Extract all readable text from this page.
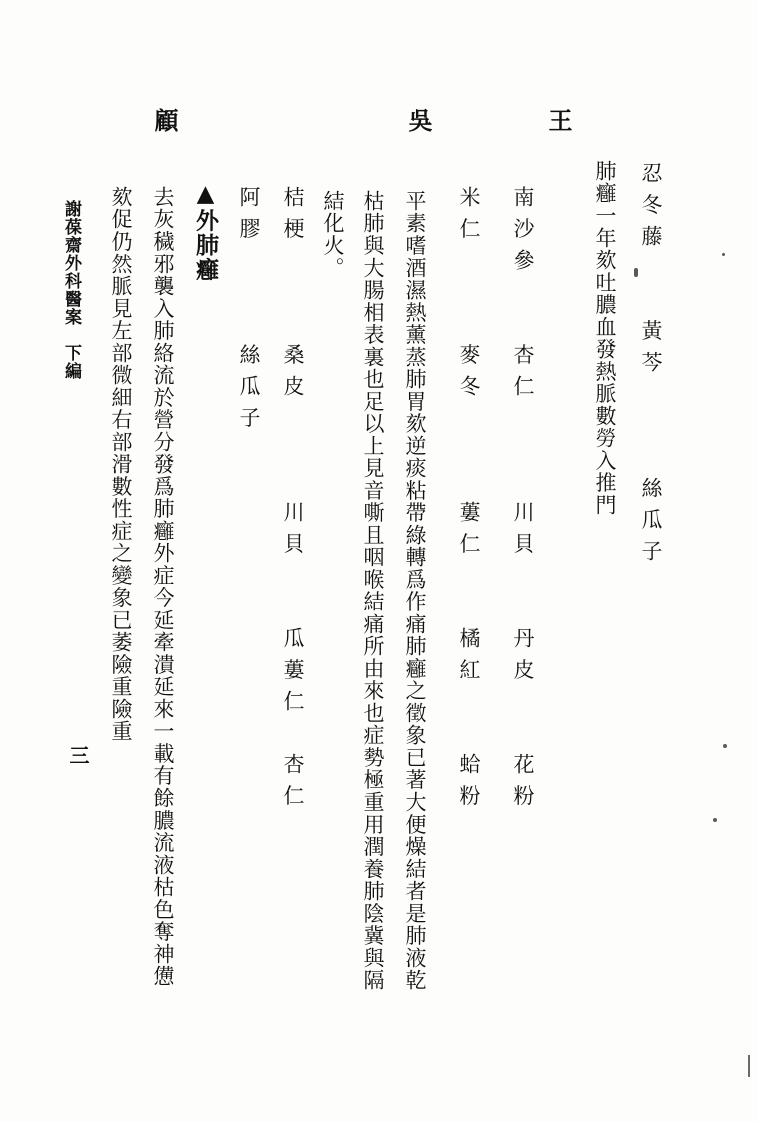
王
肺癰一年欬吐膿血發熱脈數勞入推門 忍冬藤　　黃芩　　　絲瓜子
吳
平素嗜酒濕熱薰蒸肺胃欬逆痰粘帶綠轉爲作痛肺癰之徵象已著大便燥結者是肺液乾
枯肺與大腸相表裏也足以上見音嘶且咽喉結痛所由來也症勢極重用潤養肺陰冀與隔
結化火。	南沙參　　杏仁　　　川貝　　丹皮　　花粉
米仁　　　麥冬　　　蔞仁　　橘紅　　蛤粉
顧
▲外肺癰
去灰穢邪襲入肺絡流於營分發爲肺癰外症今延牽潰延來一載有餘膿流液枯色奪神憊
欬促仍然脈見左部微細右部滑數性症之變象已萎險重險重	桔梗　　　桑皮　　　川貝　　瓜蔞仁　杏仁
阿膠　　　絲瓜子
謝葆齋外科醫案　下編
三
